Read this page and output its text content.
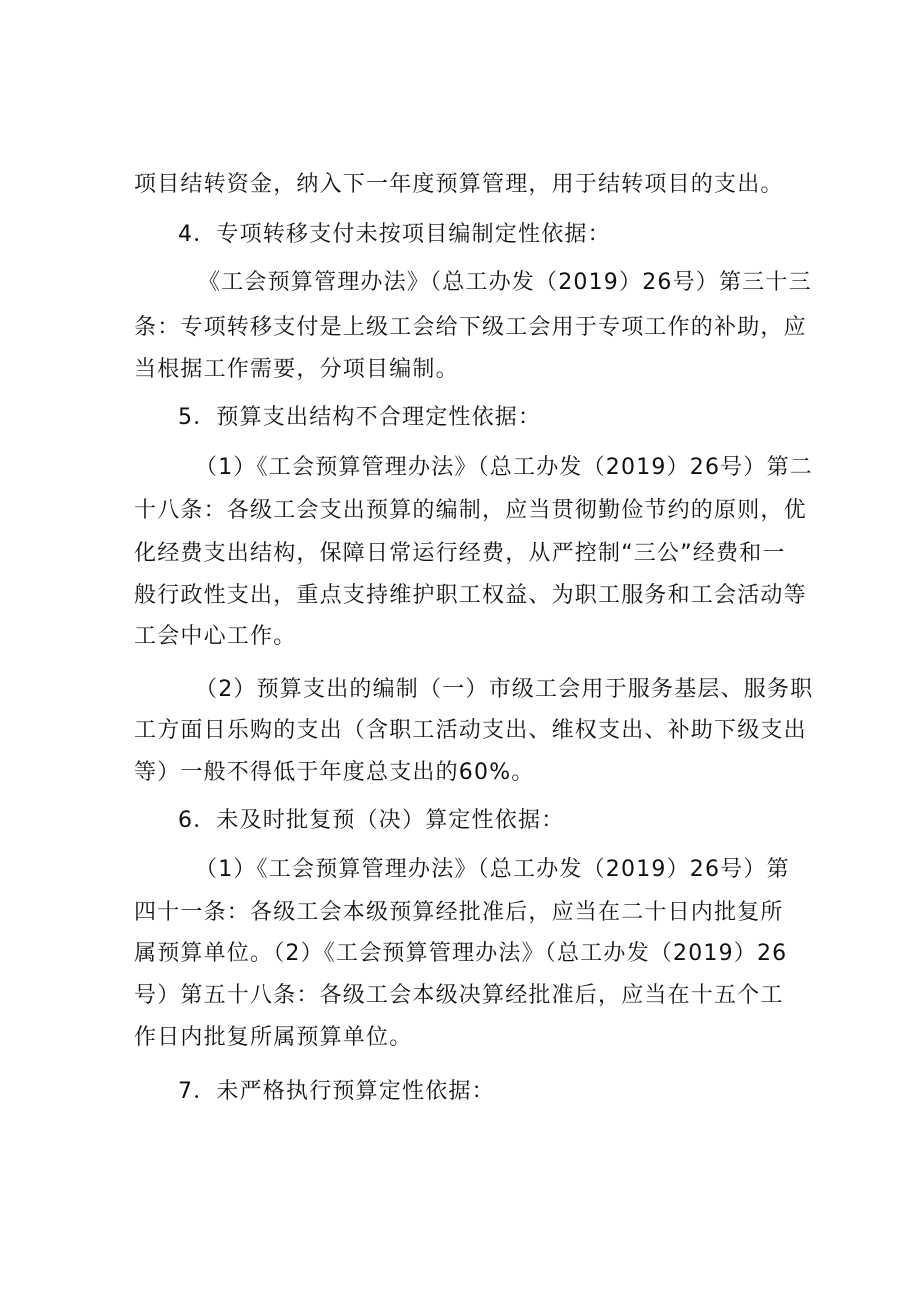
项目结转资金，纳入下一年度预算管理，用于结转项目的支出。
4．专项转移支付未按项目编制定性依据：
《工会预算管理办法》（总工办发（2019）26号）第三十三
条：专项转移支付是上级工会给下级工会用于专项工作的补助，应
当根据工作需要，分项目编制。
5．预算支出结构不合理定性依据：
（1）《工会预算管理办法》（总工办发（2019）26号）第二
十八条：各级工会支出预算的编制，应当贯彻勤俭节约的原则，优
化经费支出结构，保障日常运行经费，从严控制“三公”经费和一
般行政性支出，重点支持维护职工权益、为职工服务和工会活动等
工会中心工作。
（2）预算支出的编制（一）市级工会用于服务基层、服务职
工方面日乐购的支出（含职工活动支出、维权支出、补助下级支出
等）一般不得低于年度总支出的60%。
6．未及时批复预（决）算定性依据：
（1）《工会预算管理办法》（总工办发（2019）26号）第
四十一条：各级工会本级预算经批准后，应当在二十日内批复所
属预算单位。（2）《工会预算管理办法》（总工办发（2019）26
号）第五十八条：各级工会本级决算经批准后，应当在十五个工
作日内批复所属预算单位。
7．未严格执行预算定性依据：
